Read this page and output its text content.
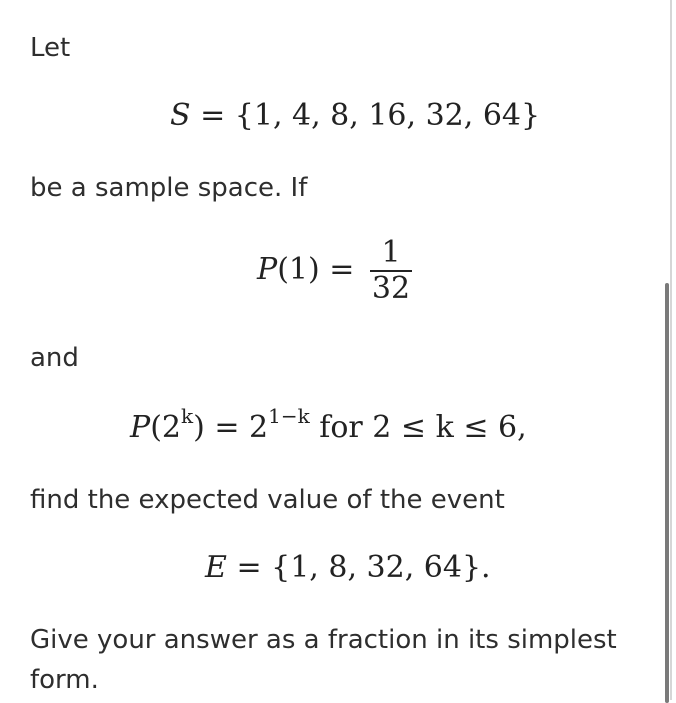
Let
S = {1, 4, 8, 16, 32, 64}
be a sample space. If
$P(1) = \frac{1}{32}$
and
$P(2^k) = 2^{1-k}$ for 2 ≤ k ≤ 6,
find the expected value of the event
E = {1, 8, 32, 64}.
Give your answer as a fraction in its simplest
form.
